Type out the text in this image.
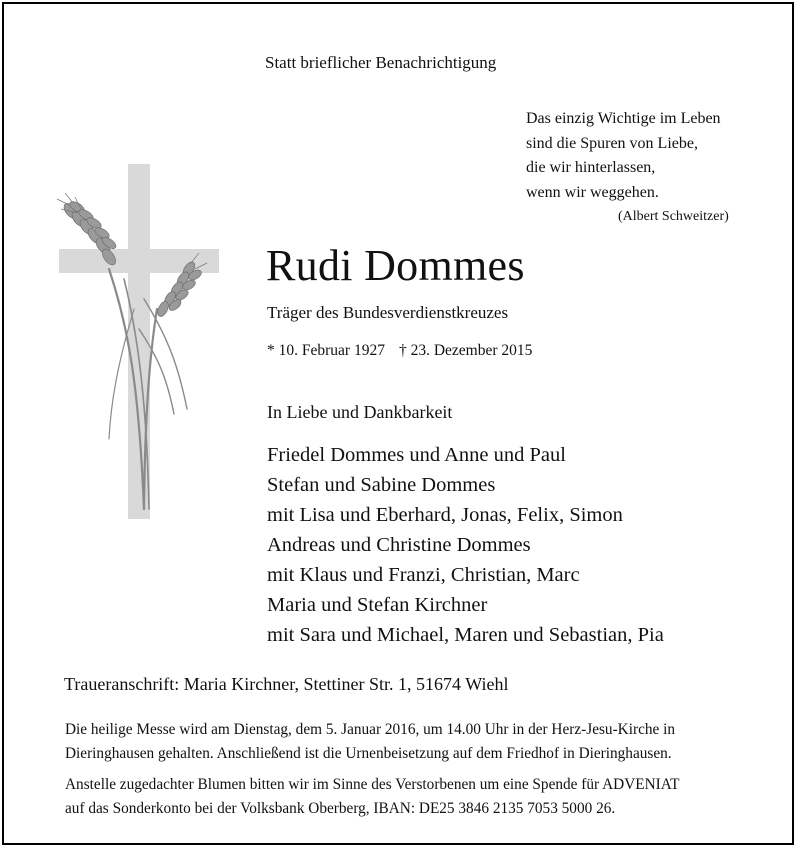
Statt brieflicher Benachrichtigung
Das einzig Wichtige im Leben
sind die Spuren von Liebe,
die wir hinterlassen,
wenn wir weggehen.
(Albert Schweitzer)
Rudi Dommes
Träger des Bundesverdienstkreuzes
* 10. Februar 1927 † 23. Dezember 2015
In Liebe und Dankbarkeit
Friedel Dommes und Anne und Paul
Stefan und Sabine Dommes
mit Lisa und Eberhard, Jonas, Felix, Simon
Andreas und Christine Dommes
mit Klaus und Franzi, Christian, Marc
Maria und Stefan Kirchner
mit Sara und Michael, Maren und Sebastian, Pia
Traueranschrift: Maria Kirchner, Stettiner Str. 1, 51674 Wiehl
Die heilige Messe wird am Dienstag, dem 5. Januar 2016, um 14.00 Uhr in der Herz-Jesu-Kirche in
Dieringhausen gehalten. Anschließend ist die Urnenbeisetzung auf dem Friedhof in Dieringhausen.
Anstelle zugedachter Blumen bitten wir im Sinne des Verstorbenen um eine Spende für ADVENIAT
auf das Sonderkonto bei der Volksbank Oberberg, IBAN: DE25 3846 2135 7053 5000 26.
